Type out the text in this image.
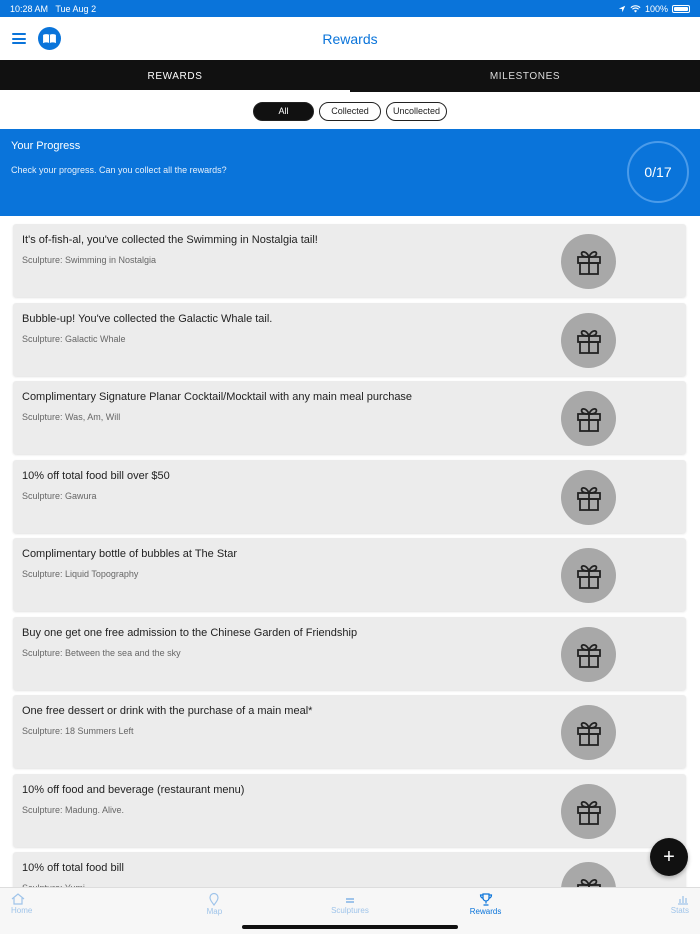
10:28 AM Tue Aug 2	100%
Rewards
REWARDS	MILESTONES
All	Collected	Uncollected
Your Progress
Check your progress. Can you collect all the rewards?	0/17
It's of-fish-al, you've collected the Swimming in Nostalgia tail!
Sculpture: Swimming in Nostalgia
Bubble-up! You've collected the Galactic Whale tail.
Sculpture: Galactic Whale
Complimentary Signature Planar Cocktail/Mocktail with any main meal purchase
Sculpture: Was, Am, Will
10% off total food bill over $50
Sculpture: Gawura
Complimentary bottle of bubbles at The Star
Sculpture: Liquid Topography
Buy one get one free admission to the Chinese Garden of Friendship
Sculpture: Between the sea and the sky
One free dessert or drink with the purchase of a main meal*
Sculpture: 18 Summers Left
10% off food and beverage (restaurant menu)
Sculpture: Madung. Alive.
10% off total food bill
+
Home	Map	Sculptures	Rewards	Stats
